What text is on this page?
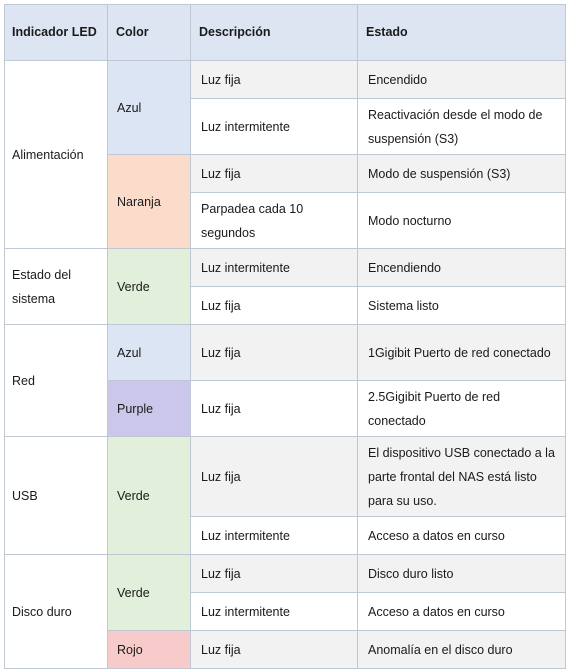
Indicador LED	Color	Descripción	Estado
Alimentación	Azul	Luz fija	Encendido
		Luz intermitente	Reactivación desde el modo de suspensión (S3)
	Naranja	Luz fija	Modo de suspensión (S3)
		Parpadea cada 10 segundos	Modo nocturno
Estado del sistema	Verde	Luz intermitente	Encendiendo
		Luz fija	Sistema listo
Red	Azul	Luz fija	1Gigibit Puerto de red conectado
	Purple	Luz fija	2.5Gigibit Puerto de red conectado
USB	Verde	Luz fija	El dispositivo USB conectado a la parte frontal del NAS está listo para su uso.
		Luz intermitente	Acceso a datos en curso
Disco duro	Verde	Luz fija	Disco duro listo
		Luz intermitente	Acceso a datos en curso
	Rojo	Luz fija	Anomalía en el disco duro
